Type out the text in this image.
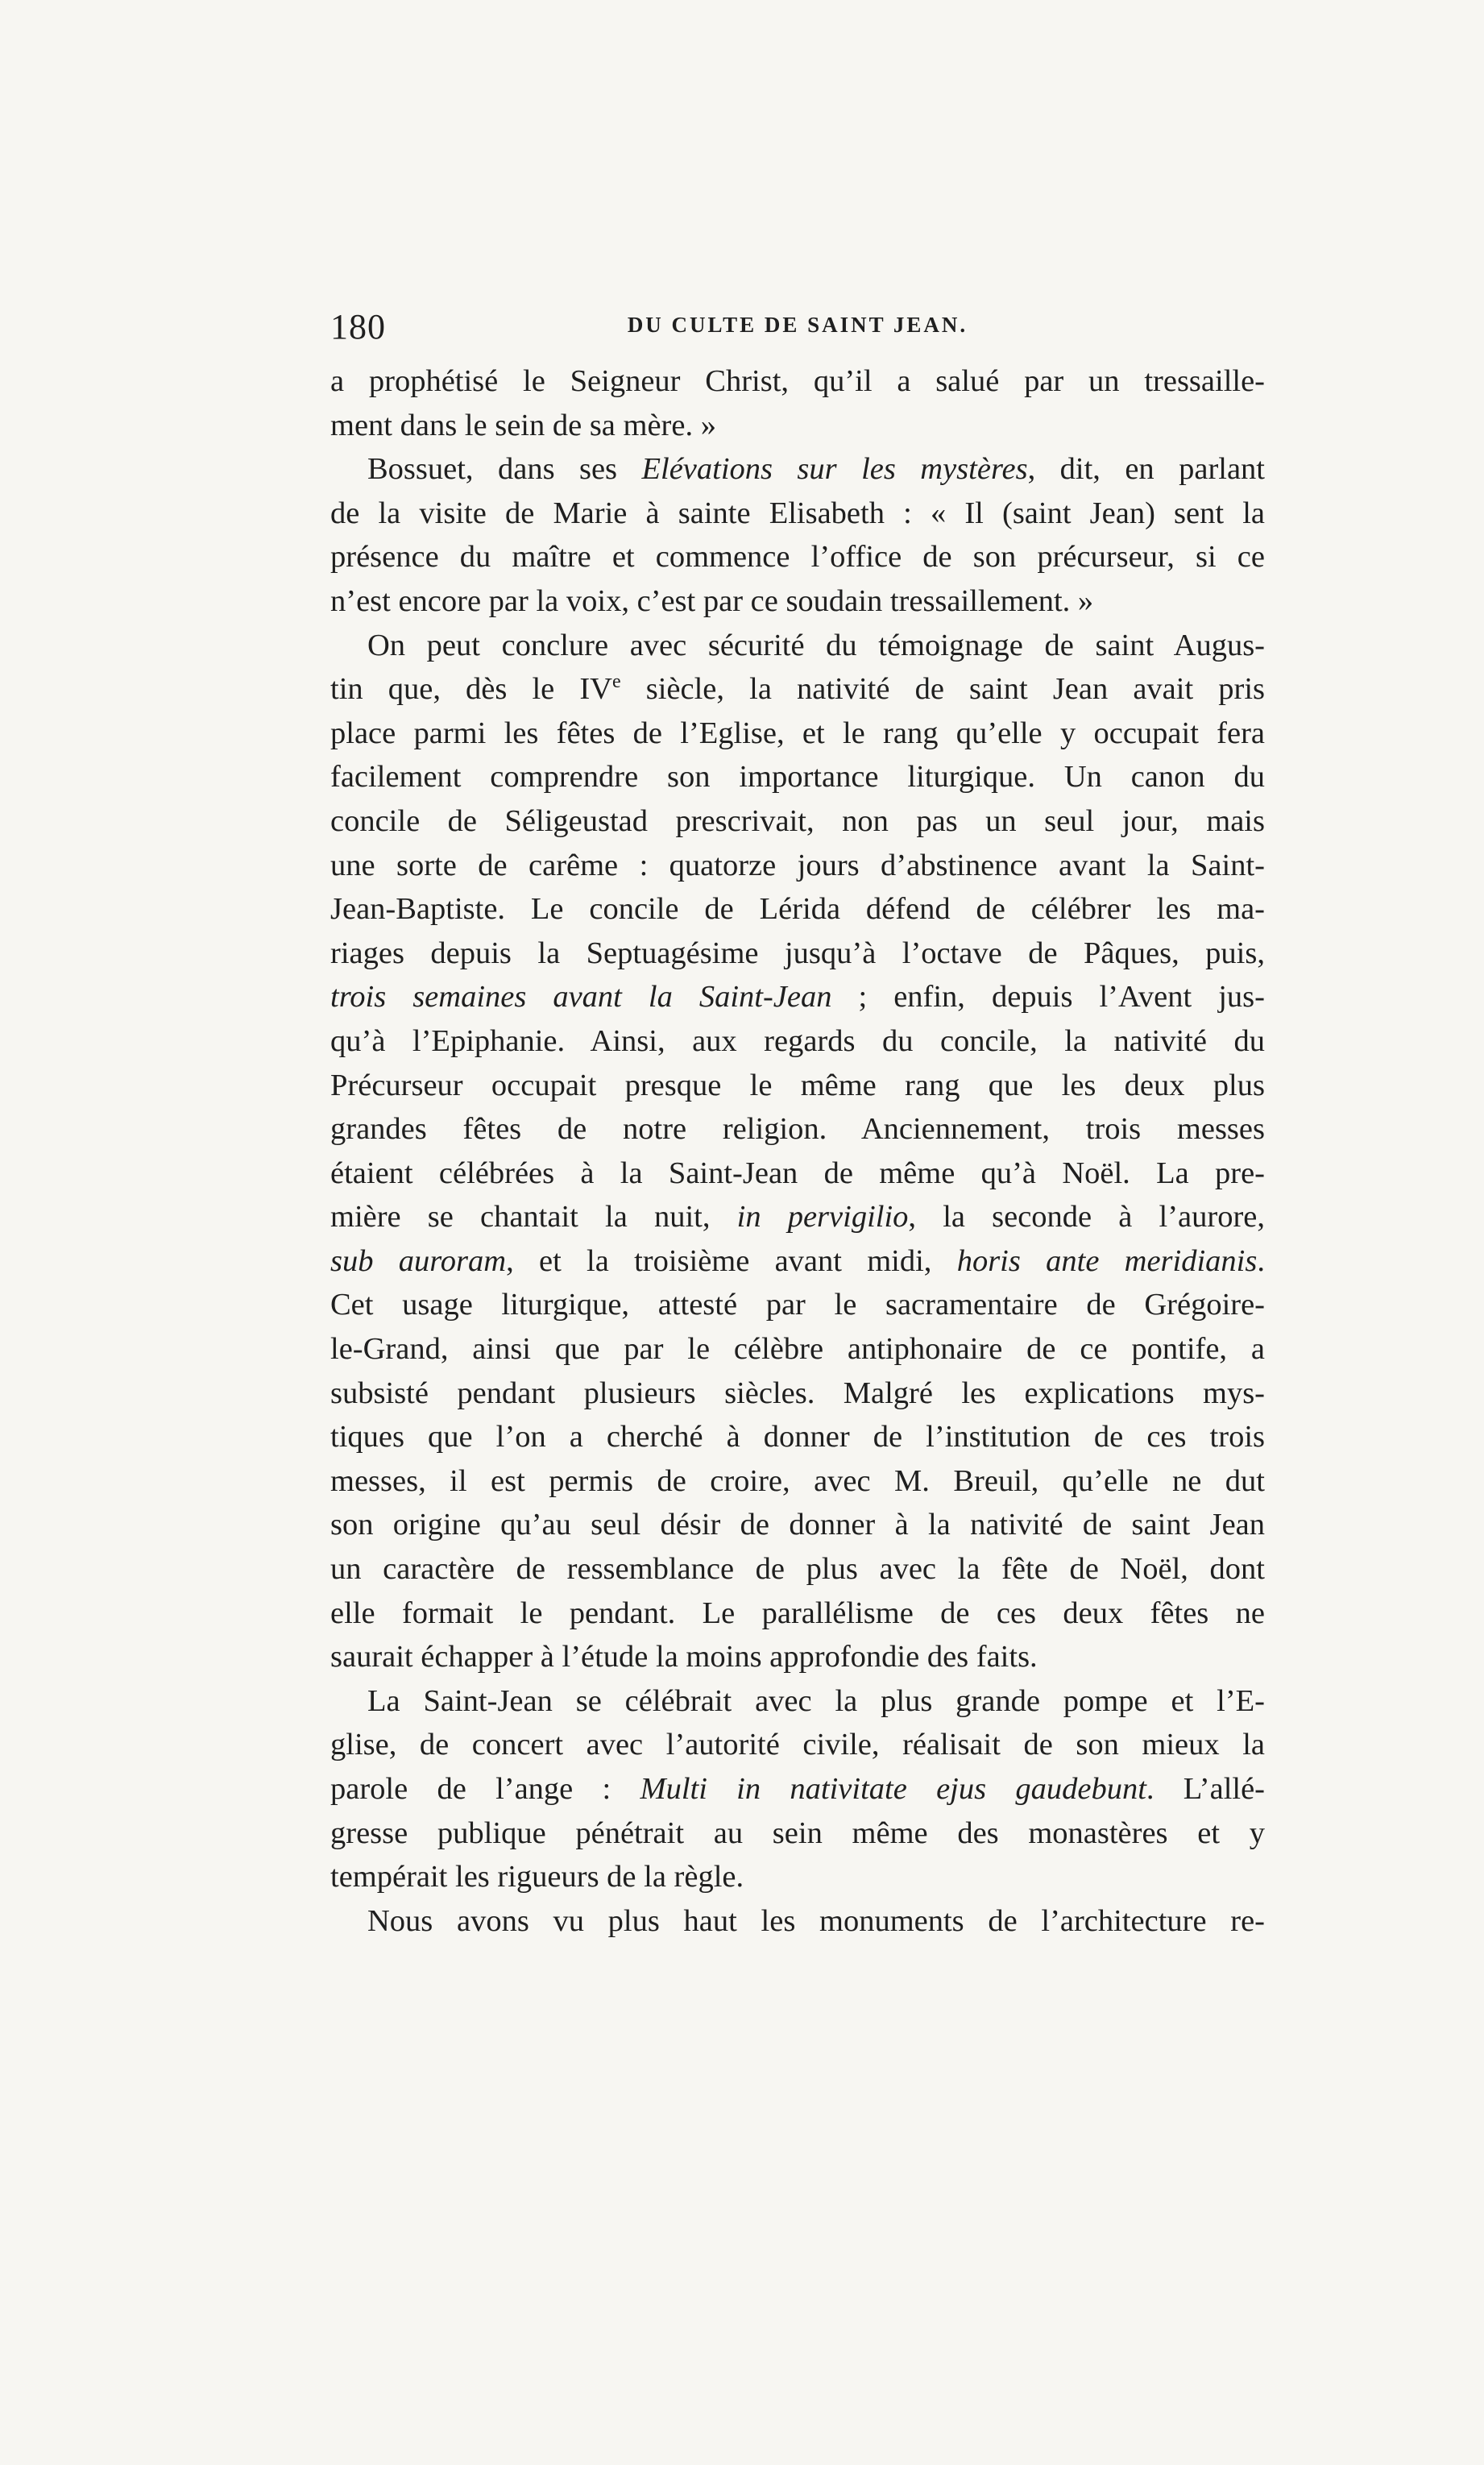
180	DU CULTE DE SAINT JEAN.
a prophétisé le Seigneur Christ, qu’il a salué par un tressaille-
ment dans le sein de sa mère. »
Bossuet, dans ses Elévations sur les mystères, dit, en parlant
de la visite de Marie à sainte Elisabeth : « Il (saint Jean) sent la
présence du maître et commence l’office de son précurseur, si ce
n’est encore par la voix, c’est par ce soudain tressaillement. »
On peut conclure avec sécurité du témoignage de saint Augus-
tin que, dès le IVe siècle, la nativité de saint Jean avait pris
place parmi les fêtes de l’Eglise, et le rang qu’elle y occupait fera
facilement comprendre son importance liturgique. Un canon du
concile de Séligeustad prescrivait, non pas un seul jour, mais
une sorte de carême : quatorze jours d’abstinence avant la Saint-
Jean-Baptiste. Le concile de Lérida défend de célébrer les ma-
riages depuis la Septuagésime jusqu’à l’octave de Pâques, puis,
trois semaines avant la Saint-Jean ; enfin, depuis l’Avent jus-
qu’à l’Epiphanie. Ainsi, aux regards du concile, la nativité du
Précurseur occupait presque le même rang que les deux plus
grandes fêtes de notre religion. Anciennement, trois messes
étaient célébrées à la Saint-Jean de même qu’à Noël. La pre-
mière se chantait la nuit, in pervigilio, la seconde à l’aurore,
sub auroram, et la troisième avant midi, horis ante meridianis.
Cet usage liturgique, attesté par le sacramentaire de Grégoire-
le-Grand, ainsi que par le célèbre antiphonaire de ce pontife, a
subsisté pendant plusieurs siècles. Malgré les explications mys-
tiques que l’on a cherché à donner de l’institution de ces trois
messes, il est permis de croire, avec M. Breuil, qu’elle ne dut
son origine qu’au seul désir de donner à la nativité de saint Jean
un caractère de ressemblance de plus avec la fête de Noël, dont
elle formait le pendant. Le parallélisme de ces deux fêtes ne
saurait échapper à l’étude la moins approfondie des faits.
La Saint-Jean se célébrait avec la plus grande pompe et l’E-
glise, de concert avec l’autorité civile, réalisait de son mieux la
parole de l’ange : Multi in nativitate ejus gaudebunt. L’allé-
gresse publique pénétrait au sein même des monastères et y
tempérait les rigueurs de la règle.
Nous avons vu plus haut les monuments de l’architecture re-
